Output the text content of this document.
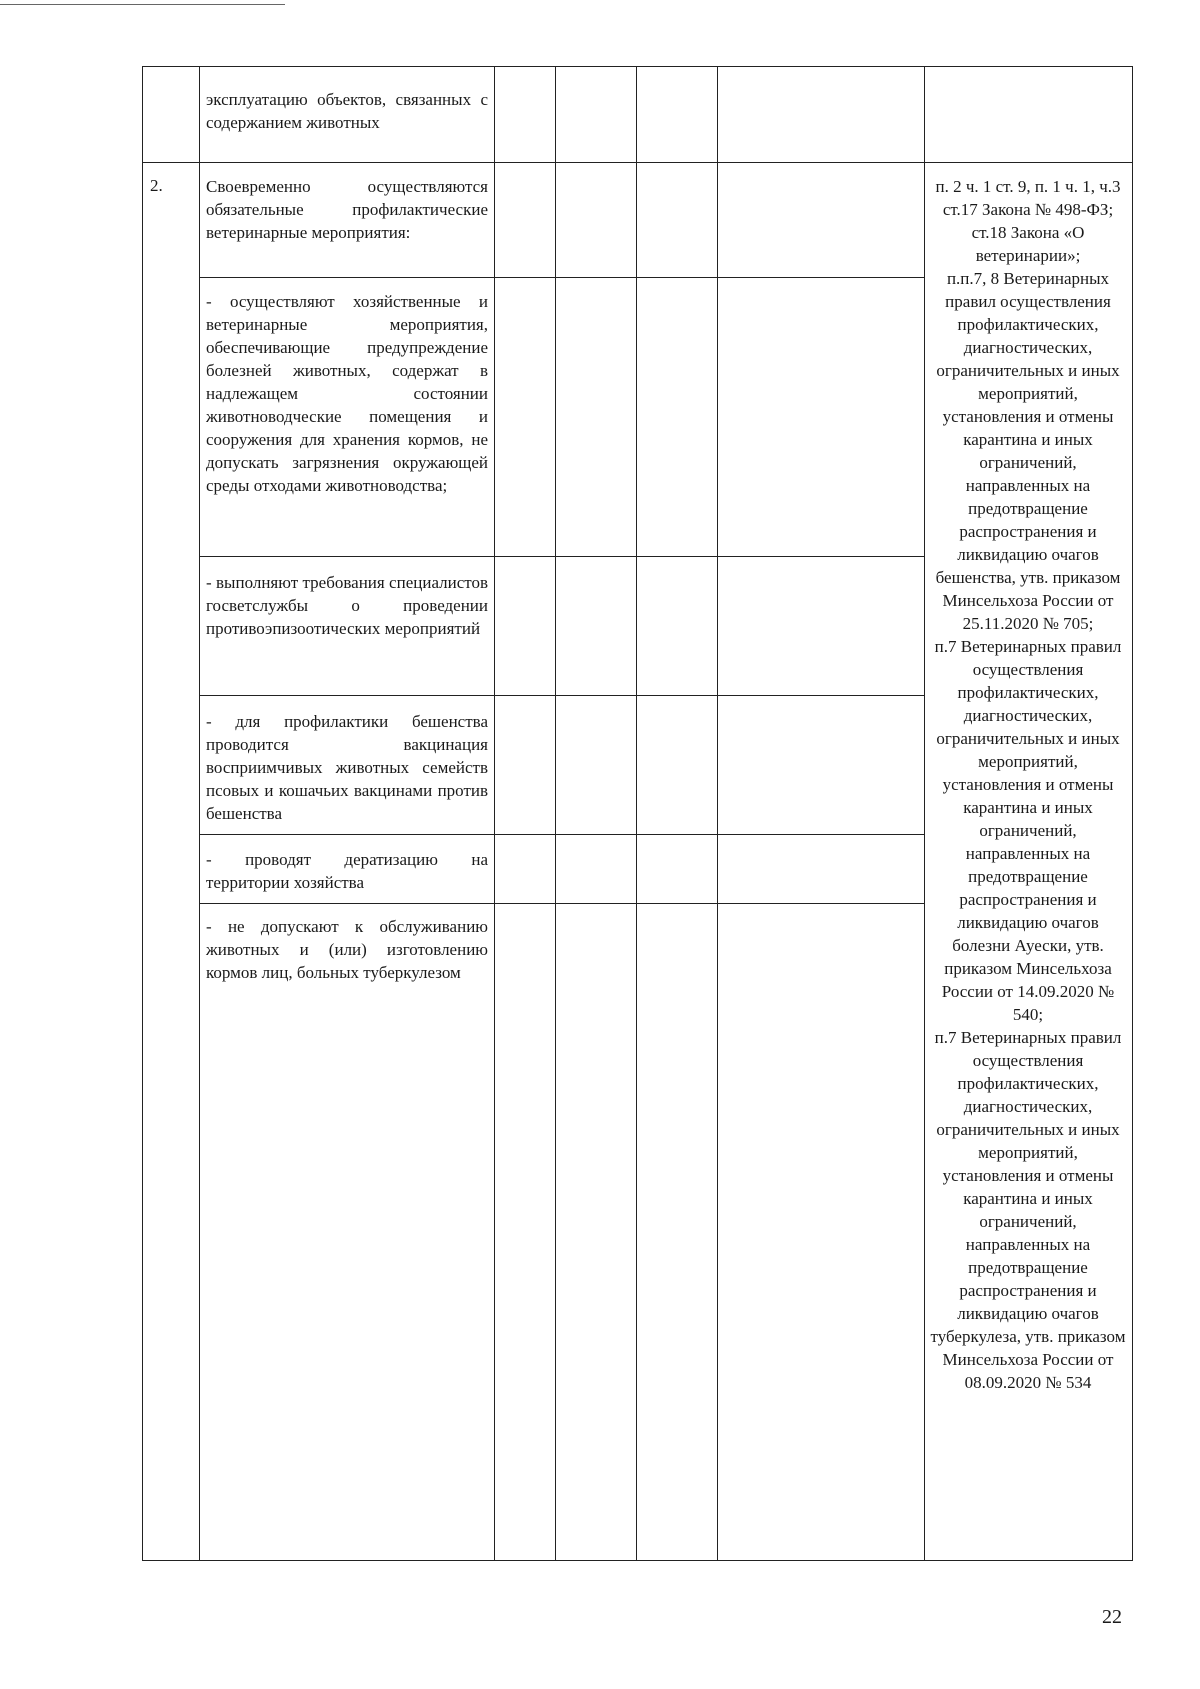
эксплуатацию объектов, связанных с содержанием животных
2.	Своевременно осуществляются обязательные профилактические ветеринарные мероприятия:
- осуществляют хозяйственные и ветеринарные мероприятия, обеспечивающие предупреждение болезней животных, содержат в надлежащем состоянии животноводческие помещения и сооружения для хранения кормов, не допускать загрязнения окружающей среды отходами животноводства;
- выполняют требования специалистов госветслужбы о проведении противоэпизоотических мероприятий
- для профилактики бешенства проводится вакцинация восприимчивых животных семейств псовых и кошачьих вакцинами против бешенства
- проводят дератизацию на территории хозяйства
- не допускают к обслуживанию животных и (или) изготовлению кормов лиц, больных туберкулезом
п. 2 ч. 1 ст. 9, п. 1 ч. 1, ч.3 ст.17 Закона № 498-ФЗ;
ст.18 Закона «О ветеринарии»;
п.п.7, 8 Ветеринарных правил осуществления профилактических, диагностических, ограничительных и иных мероприятий, установления и отмены карантина и иных ограничений, направленных на предотвращение распространения и ликвидацию очагов бешенства, утв. приказом Минсельхоза России от 25.11.2020 № 705;
п.7 Ветеринарных правил осуществления профилактических, диагностических, ограничительных и иных мероприятий, установления и отмены карантина и иных ограничений, направленных на предотвращение распространения и ликвидацию очагов болезни Ауески, утв. приказом Минсельхоза России от 14.09.2020 № 540;
п.7 Ветеринарных правил осуществления профилактических, диагностических, ограничительных и иных мероприятий, установления и отмены карантина и иных ограничений, направленных на предотвращение распространения и ликвидацию очагов туберкулеза, утв. приказом Минсельхоза России от 08.09.2020 № 534
22
